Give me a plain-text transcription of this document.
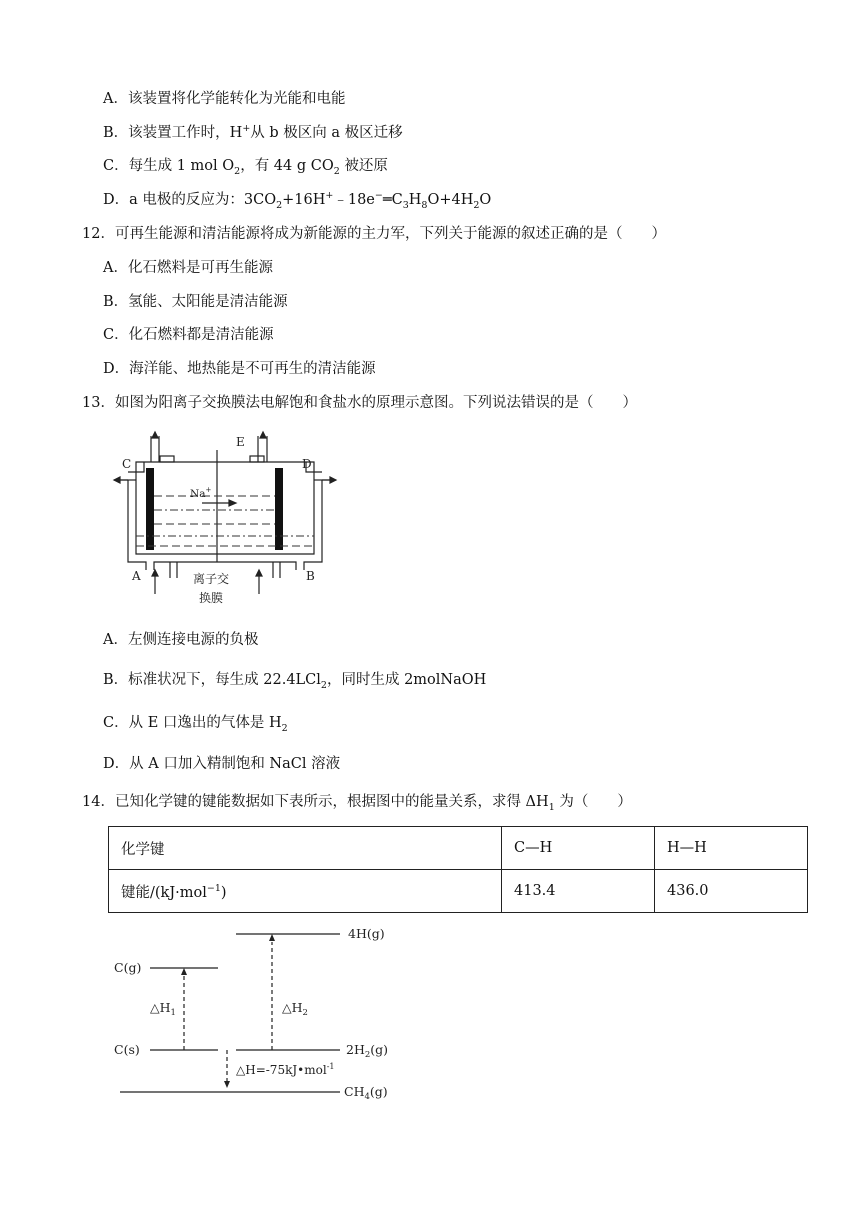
A．该装置将化学能转化为光能和电能
B．该装置工作时，H+从 b 极区向 a 极区迁移
C．每生成 1 mol $O_2$，有 44 g $CO_2$ 被还原
D．a 电极的反应为：$3CO_2+16H^+﹣18e^-═C_3H_8O+4H_2O$
12．可再生能源和清洁能源将成为新能源的主力军，下列关于能源的叙述正确的是（　　）
A．化石燃料是可再生能源
B．氢能、太阳能是清洁能源
C．化石燃料都是清洁能源
D．海洋能、地热能是不可再生的清洁能源
13．如图为阳离子交换膜法电解饱和食盐水的原理示意图。下列说法错误的是（　　）
C	D
E
A	B
Na+
离子交
换膜
A．左侧连接电源的负极
B．标准状况下，每生成 22.4LCl$_2$，同时生成 2molNaOH
C．从 E 口逸出的气体是 $H_2$
D．从 A 口加入精制饱和 NaCl 溶液
14．已知化学键的键能数据如下表所示，根据图中的能量关系，求得 $\Delta H_1$ 为（　　）
化学键	C—H	H—H
键能/(kJ·mol$^{-1}$)	413.4	436.0
C(g)
C(s)
4H(g)
$2H_2(g)$
$CH_4(g)$
$\triangle H_1$	$\triangle H_2$
△H=-75kJ•mol$^{-1}$
